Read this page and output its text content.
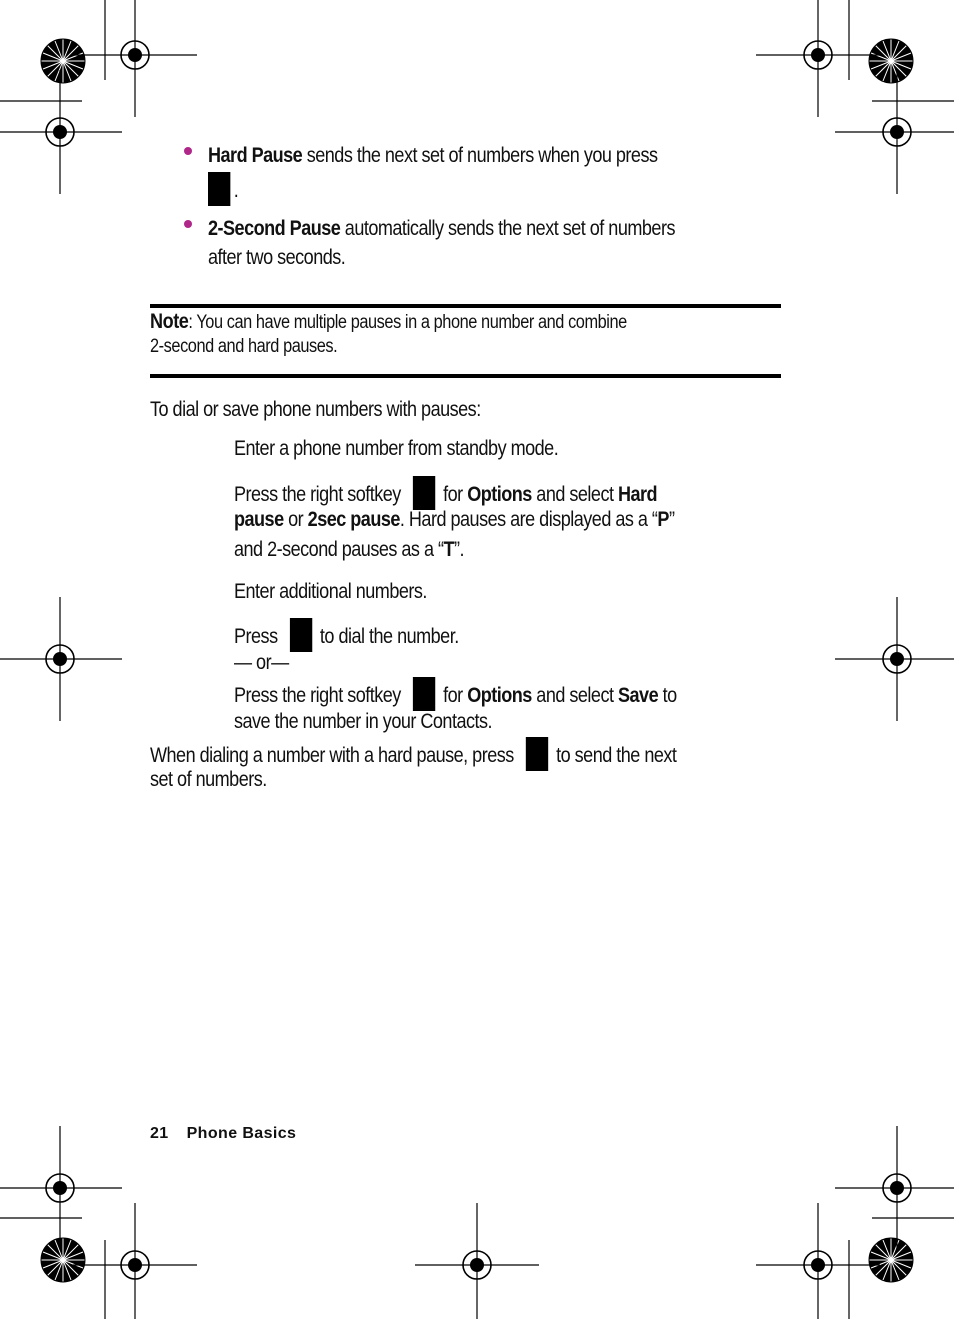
Hard Pause sends the next set of numbers when you press
.
2-Second Pause automatically sends the next set of numbers
after two seconds.
Note: You can have multiple pauses in a phone number and combine
2-second and hard pauses.
To dial or save phone numbers with pauses:
Enter a phone number from standby mode.
Press the right softkey for Options and select Hard
pause or 2sec pause. Hard pauses are displayed as a “P”
and 2-second pauses as a “T”.
Enter additional numbers.
Press to dial the number.
— or—
Press the right softkey for Options and select Save to
save the number in your Contacts.
When dialing a number with a hard pause, press to send the next
set of numbers.
21 Phone Basics
